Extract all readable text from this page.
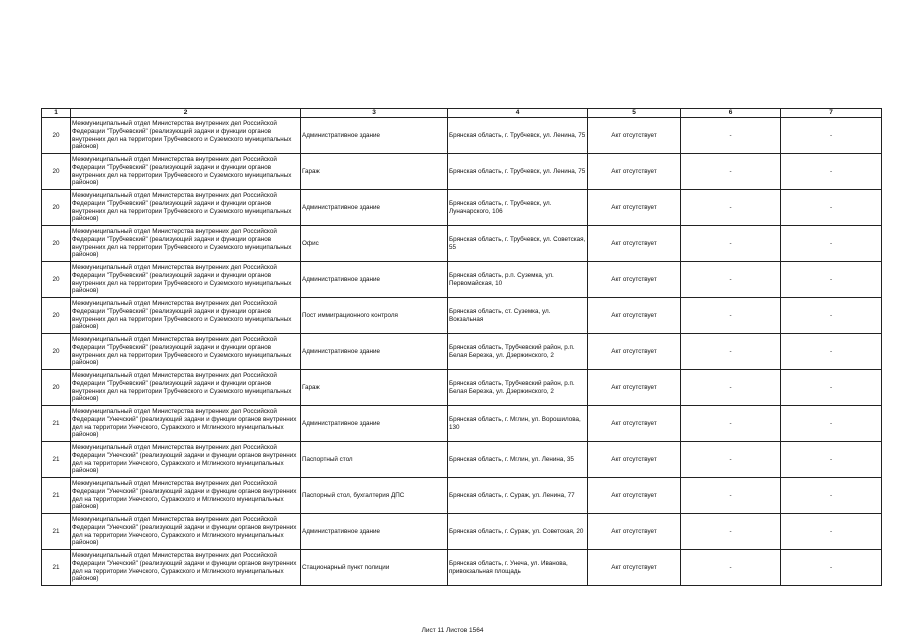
1	2	3	4	5	6	7
20	Межмуниципальный отдел Министерства внутренних дел Российской Федерации "Трубчевский" (реализующий задачи и функции органов внутренних дел на территории Трубчевского и Суземского муниципальных районов)	Административное здание	Брянская область, г. Трубчевск, ул. Ленина, 75	Акт отсутствует	-	-
20	Межмуниципальный отдел Министерства внутренних дел Российской Федерации "Трубчевский" (реализующий задачи и функции органов внутренних дел на территории Трубчевского и Суземского муниципальных районов)	Гараж	Брянская область, г. Трубчевск, ул. Ленина, 75	Акт отсутствует	-	-
20	Межмуниципальный отдел Министерства внутренних дел Российской Федерации "Трубчевский" (реализующий задачи и функции органов внутренних дел на территории Трубчевского и Суземского муниципальных районов)	Административное здание	Брянская область, г. Трубчевск, ул. Луначарского, 106	Акт отсутствует	-	-
20	Межмуниципальный отдел Министерства внутренних дел Российской Федерации "Трубчевский" (реализующий задачи и функции органов внутренних дел на территории Трубчевского и Суземского муниципальных районов)	Офис	Брянская область, г. Трубчевск, ул. Советская, 55	Акт отсутствует	-	-
20	Межмуниципальный отдел Министерства внутренних дел Российской Федерации "Трубчевский" (реализующий задачи и функции органов внутренних дел на территории Трубчевского и Суземского муниципальных районов)	Административное здание	Брянская область, р.п. Суземка, ул. Первомайская, 10	Акт отсутствует	-	-
20	Межмуниципальный отдел Министерства внутренних дел Российской Федерации "Трубчевский" (реализующий задачи и функции органов внутренних дел на территории Трубчевского и Суземского муниципальных районов)	Пост иммиграционного контроля	Брянская область, ст. Суземка, ул. Вокзальная	Акт отсутствует	-	-
20	Межмуниципальный отдел Министерства внутренних дел Российской Федерации "Трубчевский" (реализующий задачи и функции органов внутренних дел на территории Трубчевского и Суземского муниципальных районов)	Административное здание	Брянская область, Трубчевский район, р.п. Белая Березка, ул. Дзержинского, 2	Акт отсутствует	-	-
20	Межмуниципальный отдел Министерства внутренних дел Российской Федерации "Трубчевский" (реализующий задачи и функции органов внутренних дел на территории Трубчевского и Суземского муниципальных районов)	Гараж	Брянская область, Трубчевский район, р.п. Белая Березка, ул. Дзержинского, 2	Акт отсутствует	-	-
21	Межмуниципальный отдел Министерства внутренних дел Российской Федерации "Унечский" (реализующий задачи и функции органов внутренних дел на территории Унечского, Суражского и Мглинского муниципальных районов)	Административное здание	Брянская область, г. Мглин, ул. Ворошилова, 130	Акт отсутствует	-	-
21	Межмуниципальный отдел Министерства внутренних дел Российской Федерации "Унечский" (реализующий задачи и функции органов внутренних дел на территории Унечского, Суражского и Мглинского муниципальных районов)	Паспортный стол	Брянская область, г. Мглин, ул. Ленина, 35	Акт отсутствует	-	-
21	Межмуниципальный отдел Министерства внутренних дел Российской Федерации "Унечский" (реализующий задачи и функции органов внутренних дел на территории Унечского, Суражского и Мглинского муниципальных районов)	Паспорный стол, бухгалтерия ДПС	Брянская область, г. Сураж, ул. Ленина, 77	Акт отсутствует	-	-
21	Межмуниципальный отдел Министерства внутренних дел Российской Федерации "Унечский" (реализующий задачи и функции органов внутренних дел на территории Унечского, Суражского и Мглинского муниципальных районов)	Административное здание	Брянская область, г. Сураж, ул. Советская, 20	Акт отсутствует	-	-
21	Межмуниципальный отдел Министерства внутренних дел Российской Федерации "Унечский" (реализующий задачи и функции органов внутренних дел на территории Унечского, Суражского и Мглинского муниципальных районов)	Стационарный пункт полиции	Брянская область, г. Унеча, ул. Иванова, привокзальная площадь	Акт отсутствует	-	-
Лист 11 Листов 1564
